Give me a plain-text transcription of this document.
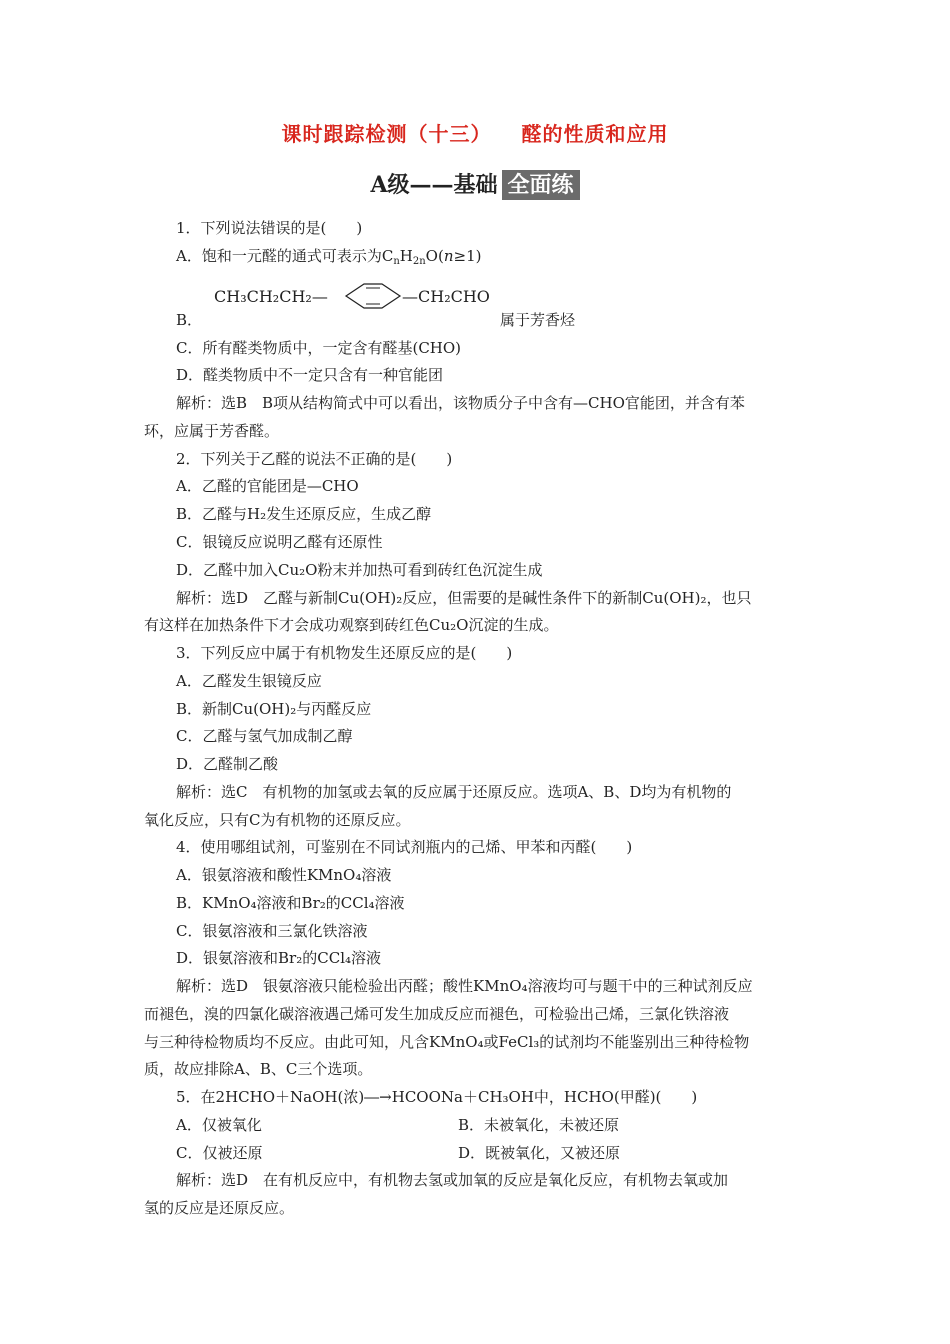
课时跟踪检测（十三） 醛的性质和应用
A级——基础 全面练
1．下列说法错误的是(　　)
A．饱和一元醛的通式可表示为$C_nH_{2n}O(n\ge 1)$
CH₃CH₂CH₂—	—CH₂CHO
B．	属于芳香烃
C．所有醛类物质中，一定含有醛基(CHO)
D．醛类物质中不一定只含有一种官能团
解析：选B　B项从结构简式中可以看出，该物质分子中含有—CHO官能团，并含有苯
环，应属于芳香醛。
2．下列关于乙醛的说法不正确的是(　　)
A．乙醛的官能团是—CHO
B．乙醛与H₂发生还原反应，生成乙醇
C．银镜反应说明乙醛有还原性
D．乙醛中加入Cu₂O粉末并加热可看到砖红色沉淀生成
解析：选D　乙醛与新制Cu(OH)₂反应，但需要的是碱性条件下的新制Cu(OH)₂，也只
有这样在加热条件下才会成功观察到砖红色Cu₂O沉淀的生成。
3．下列反应中属于有机物发生还原反应的是(　　)
A．乙醛发生银镜反应
B．新制Cu(OH)₂与丙醛反应
C．乙醛与氢气加成制乙醇
D．乙醛制乙酸
解析：选C　有机物的加氢或去氧的反应属于还原反应。选项A、B、D均为有机物的
氧化反应，只有C为有机物的还原反应。
4．使用哪组试剂，可鉴别在不同试剂瓶内的己烯、甲苯和丙醛(　　)
A．银氨溶液和酸性KMnO₄溶液
B．KMnO₄溶液和Br₂的CCl₄溶液
C．银氨溶液和三氯化铁溶液
D．银氨溶液和Br₂的CCl₄溶液
解析：选D　银氨溶液只能检验出丙醛；酸性KMnO₄溶液均可与题干中的三种试剂反应
而褪色，溴的四氯化碳溶液遇己烯可发生加成反应而褪色，可检验出己烯，三氯化铁溶液
与三种待检物质均不反应。由此可知，凡含KMnO₄或FeCl₃的试剂均不能鉴别出三种待检物
质，故应排除A、B、C三个选项。
5．在2HCHO＋NaOH(浓)―→HCOONa＋CH₃OH中，HCHO(甲醛)(　　)
A．仅被氧化	B．未被氧化，未被还原
C．仅被还原	D．既被氧化，又被还原
解析：选D　在有机反应中，有机物去氢或加氧的反应是氧化反应，有机物去氧或加
氢的反应是还原反应。
